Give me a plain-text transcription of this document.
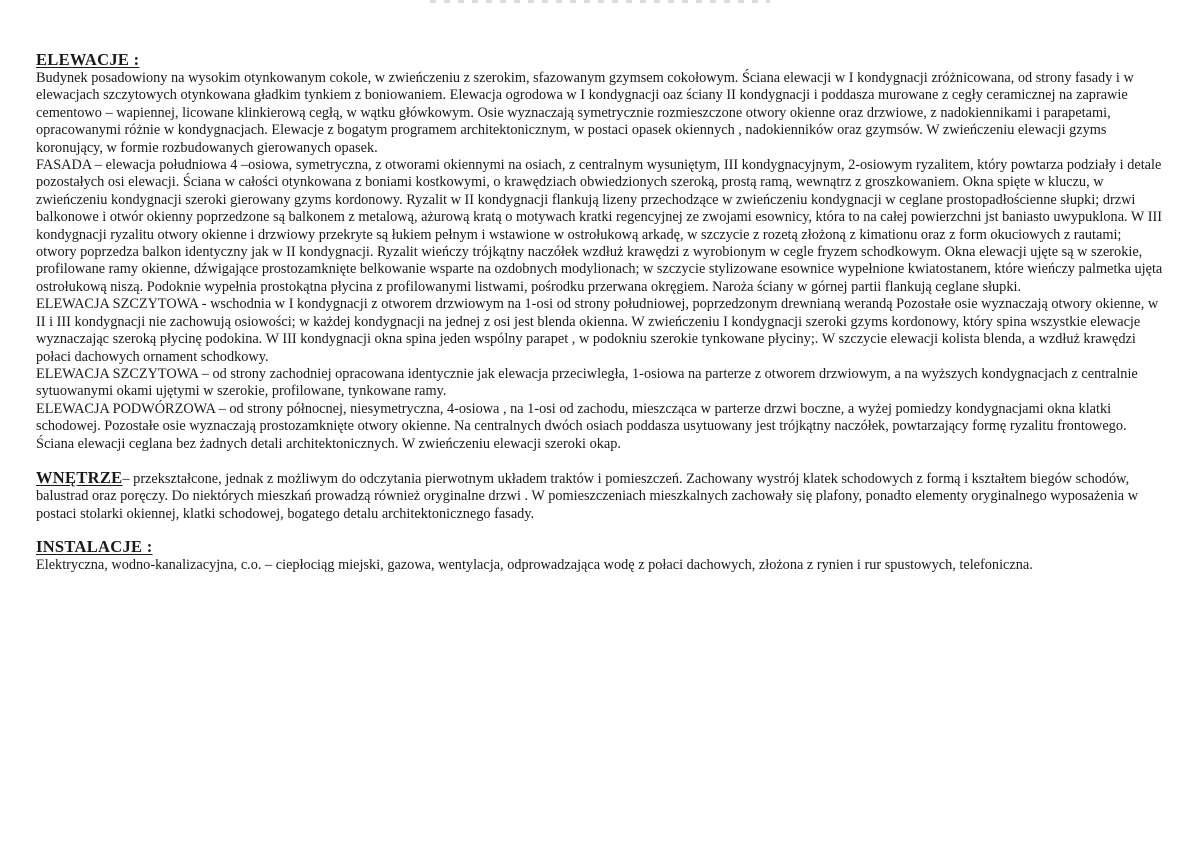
ELEWACJE :

Budynek posadowiony na wysokim otynkowanym cokole, w zwieńczeniu z szerokim, sfazowanym gzymsem cokołowym. Ściana elewacji w I kondygnacji zróżnicowana, od strony fasady i w elewacjach szczytowych otynkowana gładkim tynkiem z boniowaniem. Elewacja ogrodowa w I kondygnacji oaz ściany II kondygnacji i poddasza murowane z cegły ceramicznej na zaprawie cementowo – wapiennej, licowane klinkierową cegłą, w wątku główkowym. Osie wyznaczają symetrycznie rozmieszczone otwory okienne oraz drzwiowe, z nadokiennikami i parapetami, opracowanymi różnie w kondygnacjach. Elewacje z bogatym programem architektonicznym, w postaci opasek okiennych , nadokienników oraz gzymsów. W zwieńczeniu elewacji gzyms koronujący, w formie rozbudowanych gierowanych opasek.

FASADA – elewacja południowa 4 –osiowa, symetryczna, z otworami okiennymi na osiach, z centralnym wysuniętym, III kondygnacyjnym, 2-osiowym ryzalitem, który powtarza podziały i detale pozostałych osi elewacji. Ściana w całości otynkowana z boniami kostkowymi, o krawędziach obwiedzionych szeroką, prostą ramą, wewnątrz z groszkowaniem. Okna spięte w kluczu, w zwieńczeniu kondygnacji szeroki gierowany gzyms kordonowy. Ryzalit w II kondygnacji flankują lizeny przechodzące w zwieńczeniu kondygnacji w ceglane prostopadłościenne słupki; drzwi balkonowe i otwór okienny poprzedzone są balkonem z metalową, ażurową kratą o motywach kratki regencyjnej ze zwojami esownicy, która to na całej powierzchni jst baniasto uwypuklona. W III kondygnacji ryzalitu otwory okienne i drzwiowy przekryte są łukiem pełnym i wstawione w ostrołukową arkadę, w szczycie z rozetą złożoną z kimationu oraz z form okuciowych z rautami; otwory poprzedza balkon identyczny jak w II kondygnacji. Ryzalit wieńczy trójkątny naczółek wzdłuż krawędzi z wyrobionym w cegle fryzem schodkowym. Okna elewacji ujęte są w szerokie, profilowane ramy okienne, dźwigające prostozamknięte belkowanie wsparte na ozdobnych modylionach; w szczycie stylizowane esownice wypełnione kwiatostanem, które wieńczy palmetka ujęta ostrołukową niszą. Podoknie wypełnia prostokątna płycina z profilowanymi listwami, pośrodku przerwana okręgiem. Naroża ściany w górnej partii flankują ceglane słupki.

ELEWACJA SZCZYTOWA - wschodnia w I kondygnacji z otworem drzwiowym na 1-osi od strony południowej, poprzedzonym drewnianą werandą Pozostałe osie wyznaczają otwory okienne, w II i III kondygnacji nie zachowują osiowości; w każdej kondygnacji na jednej z osi jest blenda okienna. W zwieńczeniu I kondygnacji szeroki gzyms kordonowy, który spina wszystkie elewacje wyznaczając szeroką płycinę podokina. W III kondygnacji okna spina jeden wspólny parapet , w podokniu szerokie tynkowane płyciny;. W szczycie elewacji kolista blenda, a wzdłuż krawędzi połaci dachowych ornament schodkowy.

ELEWACJA SZCZYTOWA – od strony zachodniej opracowana identycznie jak elewacja przeciwległa, 1-osiowa na parterze z otworem drzwiowym, a na wyższych kondygnacjach z centralnie sytuowanymi okami ujętymi w szerokie, profilowane, tynkowane ramy.

ELEWACJA PODWÓRZOWA – od strony północnej, niesymetryczna, 4-osiowa , na 1-osi od zachodu, mieszcząca w parterze drzwi boczne, a wyżej pomiedzy kondygnacjami okna klatki schodowej. Pozostałe osie wyznaczają prostozamknięte otwory okienne. Na centralnych dwóch osiach poddasza usytuowany jest trójkątny naczółek, powtarzający formę ryzalitu frontowego. Ściana elewacji ceglana bez żadnych detali architektonicznych. W zwieńczeniu elewacji szeroki okap.

WNĘTRZE– przekształcone, jednak z możliwym do odczytania pierwotnym układem traktów i pomieszczeń. Zachowany wystrój klatek schodowych z formą i kształtem biegów schodów, balustrad oraz poręczy. Do niektórych mieszkań prowadzą również oryginalne drzwi . W pomieszczeniach mieszkalnych zachowały się plafony, ponadto elementy oryginalnego wyposażenia w postaci stolarki okiennej, klatki schodowej, bogatego detalu architektonicznego fasady.

INSTALACJE :

Elektryczna, wodno-kanalizacyjna, c.o. – ciepłociąg miejski, gazowa, wentylacja, odprowadzająca wodę z połaci dachowych, złożona z rynien i rur spustowych, telefoniczna.
